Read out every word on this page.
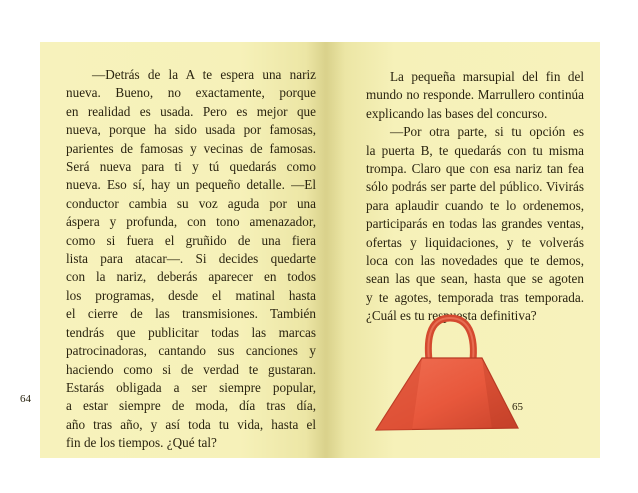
—Detrás de la A te espera una nariz
nueva. Bueno, no exactamente, porque
en realidad es usada. Pero es mejor que
nueva, porque ha sido usada por famosas,
parientes de famosas y vecinas de famosas.
Será nueva para ti y tú quedarás como
nueva. Eso sí, hay un pequeño detalle. —El
conductor cambia su voz aguda por una
áspera y profunda, con tono amenazador,
como si fuera el gruñido de una fiera
lista para atacar—. Si decides quedarte
con la nariz, deberás aparecer en todos
los programas, desde el matinal hasta
el cierre de las transmisiones. También
tendrás que publicitar todas las marcas
patrocinadoras, cantando sus canciones y
haciendo como si de verdad te gustaran.
Estarás obligada a ser siempre popular,
a estar siempre de moda, día tras día,
año tras año, y así toda tu vida, hasta el
fin de los tiempos. ¿Qué tal?
La pequeña marsupial del fin del
mundo no responde. Marrullero continúa
explicando las bases del concurso.
—Por otra parte, si tu opción es
la puerta B, te quedarás con tu misma
trompa. Claro que con esa nariz tan fea
sólo podrás ser parte del público. Vivirás
para aplaudir cuando te lo ordenemos,
participarás en todas las grandes ventas,
ofertas y liquidaciones, y te volverás
loca con las novedades que te demos,
sean las que sean, hasta que se agoten
y te agotes, temporada tras temporada.
¿Cuál es tu respuesta definitiva?
64
65
